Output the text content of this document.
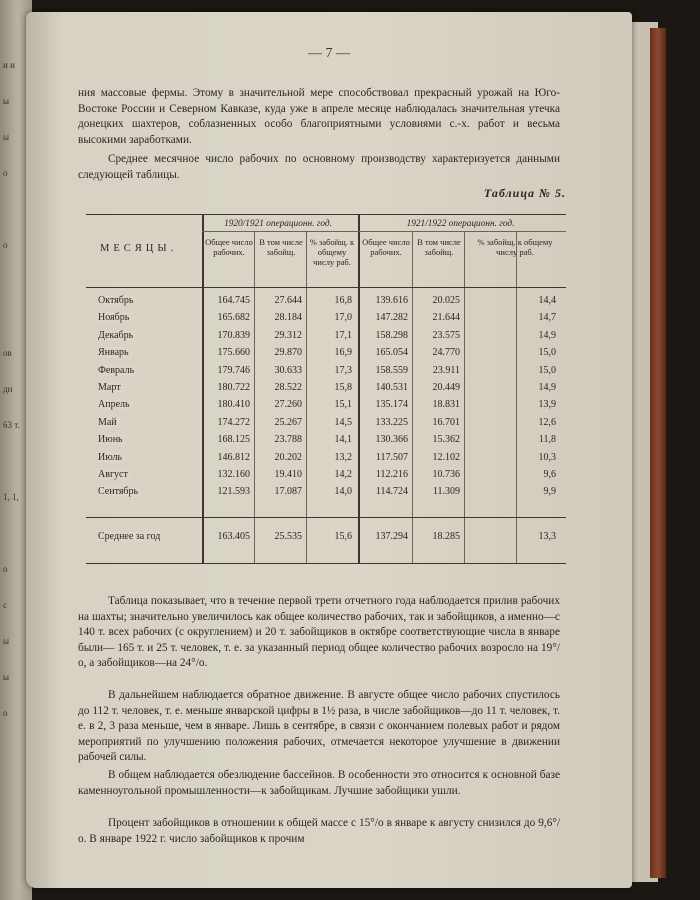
и и
ы
ы
о
о
ов
дн
63 т.
1, 1,
о
с
ы
ы
о
— 7 —

ния массовые фермы. Этому в значительной мере способствовал прекрасный урожай на Юго-Востоке России и Северном Кавказе, куда уже в апреле месяце наблюдалась значительная утечка донецких шахтеров, соблазненных особо благоприятными условиями с.-х. работ и весьма высокими заработками.

Среднее месячное число рабочих по основному производству характеризуется данными следующей таблицы.

Таблица № 5.
МЕСЯЦЫ.
1920/1921 операционн. год.	1921/1922 операционн. год.
Общее число рабочих.
В том числе забойщ.
% забойщ. к общему числу раб.
Общее число рабочих.
В том числе забойщ.
% забойщ. к общему числу раб.
Октябрь	164.745 27.644	16,8 139.616 20.025	14,4
Ноябрь	165.682 28.184	17,0 147.282 21.644	14,7
Декабрь	170.839 29.312	17,1 158.298 23.575	14,9
Январь	175.660 29.870	16,9 165.054 24.770	15,0
Февраль	179.746 30.633	17,3 158.559 23.911	15,0
Март	180.722 28.522	15,8 140.531 20.449	14,9
Апрель	180.410 27.260	15,1 135.174 18.831	13,9
Май	174.272 25.267	14,5 133.225 16.701	12,6
Июнь	168.125 23.788	14,1 130.366 15.362	11,8
Июль	146.812 20.202	13,2 117.507 12.102	10,3
Август	132.160 19.410	14,2 112.216 10.736	9,6
Сентябрь	121.593 17.087	14,0 114.724 11.309	9,9
Среднее за год	163.405 25.535	15,6 137.294 18.285	13,3

Таблица показывает, что в течение первой трети отчетного года наблюдается прилив рабочих на шахты; значительно увеличилось как общее количество рабочих, так и забойщиков, а именно—с 140 т. всех рабочих (с округлением) и 20 т. забойщиков в октябре соответствующие числа в январе были— 165 т. и 25 т. человек, т. е. за указанный период общее количество рабочих возросло на 19°/о, а забойщиков—на 24°/о.

В дальнейшем наблюдается обратное движение. В августе общее число рабочих спустилось до 112 т. человек, т. е. меньше январской цифры в 1½ раза, в числе забойщиков—до 11 т. человек, т. е. в 2, 3 раза меньше, чем в январе. Лишь в сентябре, в связи с окончанием полевых работ и рядом мероприятий по улучшению положения рабочих, отмечается некоторое улучшение в движении рабочей силы.

В общем наблюдается обезлюдение бассейнов. В особенности это относится к основной базе каменноугольной промышленности—к забойщикам. Лучшие забойщики ушли.

Процент забойщиков в отношении к общей массе с 15°/о в январе к августу снизился до 9,6°/о. В январе 1922 г. число забойщиков к прочим
